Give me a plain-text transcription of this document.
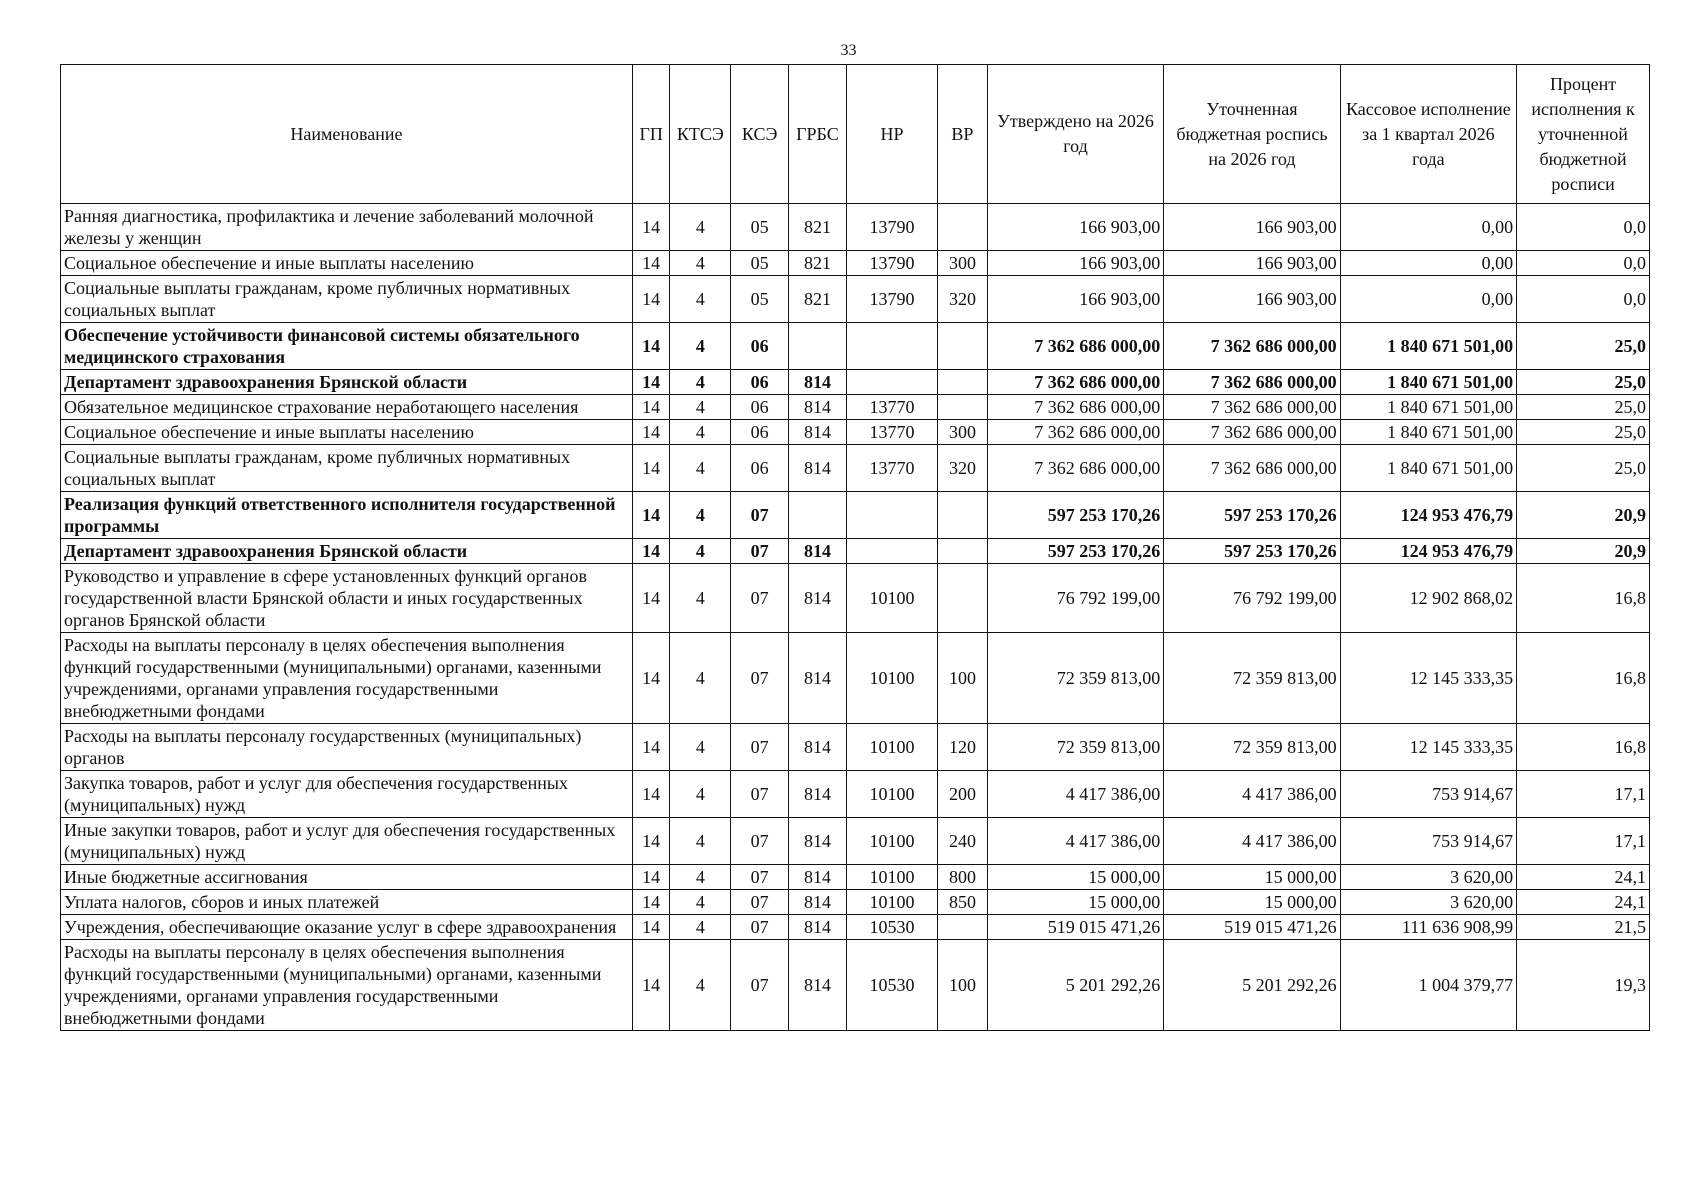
33
Наименование	ГП	КТСЭ	КСЭ	ГРБС	НР	ВР	Утверждено на 2026 год	Уточненная бюджетная роспись на 2026 год	Кассовое исполнение за 1 квартал 2026 года	Процент исполнения к уточненной бюджетной росписи
Ранняя диагностика, профилактика и лечение заболеваний молочной железы у женщин	14	4	05	821	13790		166 903,00	166 903,00	0,00	0,0
Социальное обеспечение и иные выплаты населению	14	4	05	821	13790	300	166 903,00	166 903,00	0,00	0,0
Социальные выплаты гражданам, кроме публичных нормативных социальных выплат	14	4	05	821	13790	320	166 903,00	166 903,00	0,00	0,0
Обеспечение устойчивости финансовой системы обязательного медицинского страхования	14	4	06				7 362 686 000,00	7 362 686 000,00	1 840 671 501,00	25,0
Департамент здравоохранения Брянской области	14	4	06	814			7 362 686 000,00	7 362 686 000,00	1 840 671 501,00	25,0
Обязательное медицинское страхование неработающего населения	14	4	06	814	13770		7 362 686 000,00	7 362 686 000,00	1 840 671 501,00	25,0
Социальное обеспечение и иные выплаты населению	14	4	06	814	13770	300	7 362 686 000,00	7 362 686 000,00	1 840 671 501,00	25,0
Социальные выплаты гражданам, кроме публичных нормативных социальных выплат	14	4	06	814	13770	320	7 362 686 000,00	7 362 686 000,00	1 840 671 501,00	25,0
Реализация функций ответственного исполнителя государственной программы	14	4	07				597 253 170,26	597 253 170,26	124 953 476,79	20,9
Департамент здравоохранения Брянской области	14	4	07	814			597 253 170,26	597 253 170,26	124 953 476,79	20,9
Руководство и управление в сфере установленных функций органов государственной власти Брянской области и иных государственных органов Брянской области	14	4	07	814	10100		76 792 199,00	76 792 199,00	12 902 868,02	16,8
Расходы на выплаты персоналу в целях обеспечения выполнения функций государственными (муниципальными) органами, казенными учреждениями, органами управления государственными внебюджетными фондами	14	4	07	814	10100	100	72 359 813,00	72 359 813,00	12 145 333,35	16,8
Расходы на выплаты персоналу государственных (муниципальных) органов	14	4	07	814	10100	120	72 359 813,00	72 359 813,00	12 145 333,35	16,8
Закупка товаров, работ и услуг для обеспечения государственных (муниципальных) нужд	14	4	07	814	10100	200	4 417 386,00	4 417 386,00	753 914,67	17,1
Иные закупки товаров, работ и услуг для обеспечения государственных (муниципальных) нужд	14	4	07	814	10100	240	4 417 386,00	4 417 386,00	753 914,67	17,1
Иные бюджетные ассигнования	14	4	07	814	10100	800	15 000,00	15 000,00	3 620,00	24,1
Уплата налогов, сборов и иных платежей	14	4	07	814	10100	850	15 000,00	15 000,00	3 620,00	24,1
Учреждения, обеспечивающие оказание услуг в сфере здравоохранения	14	4	07	814	10530		519 015 471,26	519 015 471,26	111 636 908,99	21,5
Расходы на выплаты персоналу в целях обеспечения выполнения функций государственными (муниципальными) органами, казенными учреждениями, органами управления государственными внебюджетными фондами	14	4	07	814	10530	100	5 201 292,26	5 201 292,26	1 004 379,77	19,3
